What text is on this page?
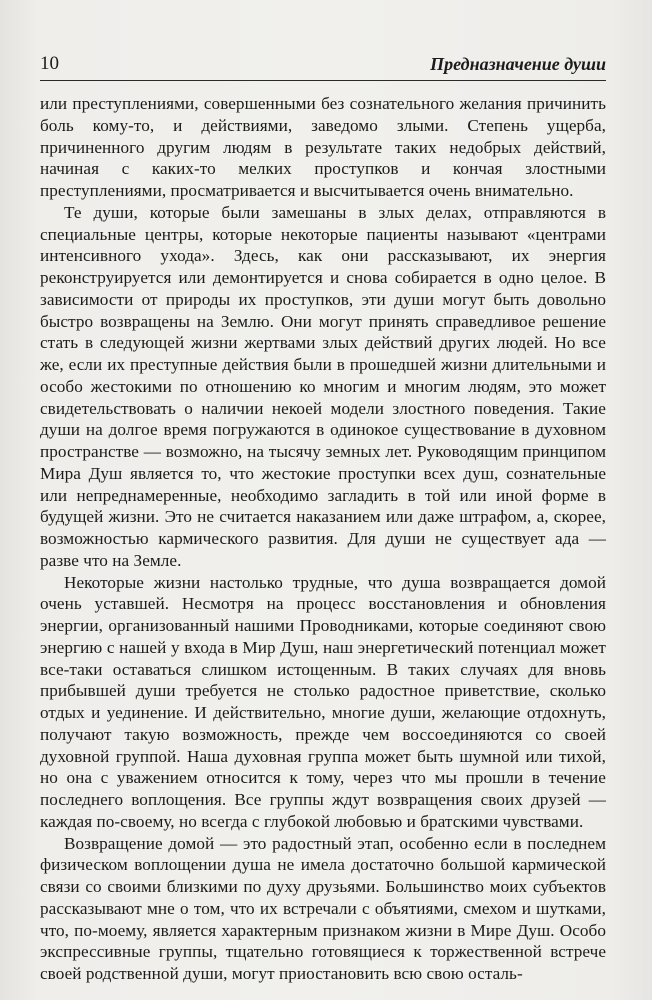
10	Предназначение души

или преступлениями, совершенными без сознательного желания причинить боль кому-то, и действиями, заведомо злыми. Степень ущерба, причиненного другим людям в результате таких недобрых действий, начиная с каких-то мелких проступков и кончая злостными преступлениями, просматривается и высчитывается очень внимательно.

Те души, которые были замешаны в злых делах, отправляются в специальные центры, которые некоторые пациенты называют «центрами интенсивного ухода». Здесь, как они рассказывают, их энергия реконструируется или демонтируется и снова собирается в одно целое. В зависимости от природы их проступков, эти души могут быть довольно быстро возвращены на Землю. Они могут принять справедливое решение стать в следующей жизни жертвами злых действий других людей. Но все же, если их преступные действия были в прошедшей жизни длительными и особо жестокими по отношению ко многим и многим людям, это может свидетельствовать о наличии некоей модели злостного поведения. Такие души на долгое время погружаются в одинокое существование в духовном пространстве — возможно, на тысячу земных лет. Руководящим принципом Мира Душ является то, что жестокие проступки всех душ, сознательные или непреднамеренные, необходимо загладить в той или иной форме в будущей жизни. Это не считается наказанием или даже штрафом, а, скорее, возможностью кармического развития. Для души не существует ада — разве что на Земле.

Некоторые жизни настолько трудные, что душа возвращается домой очень уставшей. Несмотря на процесс восстановления и обновления энергии, организованный нашими Проводниками, которые соединяют свою энергию с нашей у входа в Мир Душ, наш энергетический потенциал может все-таки оставаться слишком истощенным. В таких случаях для вновь прибывшей души требуется не столько радостное приветствие, сколько отдых и уединение. И действительно, многие души, желающие отдохнуть, получают такую возможность, прежде чем воссоединяются со своей духовной группой. Наша духовная группа может быть шумной или тихой, но она с уважением относится к тому, через что мы прошли в течение последнего воплощения. Все группы ждут возвращения своих друзей — каждая по-своему, но всегда с глубокой любовью и братскими чувствами.

Возвращение домой — это радостный этап, особенно если в последнем физическом воплощении душа не имела достаточно большой кармической связи со своими близкими по духу друзьями. Большинство моих субъектов рассказывают мне о том, что их встречали с объятиями, смехом и шутками, что, по-моему, является характерным признаком жизни в Мире Душ. Особо экспрессивные группы, тщательно готовящиеся к торжественной встрече своей родственной души, могут приостановить всю свою осталь-
